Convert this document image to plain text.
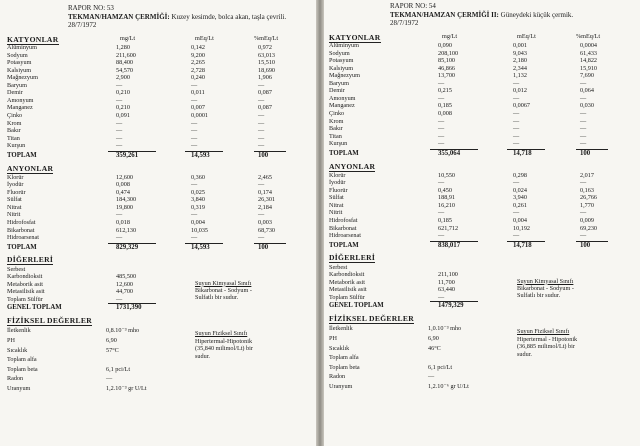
RAPOR NO: 53
TEKMAN/HAMZAN ÇERMİĞİ: Kuzey kesimde, bolca akan, taşla çevrili.
28/7/1972
KATYONLAR	mg/Lt	mEq/Lt	%mEq/Lt
Alüminyum	1,280	0,142	0,972
Sodyum	211,600	9,200	63,013
Potasyum	88,400	2,265	15,510
Kalsiyum	54,570	2,728	18,690
Mağnezyum	2,900	0,240	1,906
Baryum	—	—	—
Demir	0,210	0,011	0,087
Amonyum	—	—	—
Manganez	0,210	0,007	0,087
Çinko	0,091	0,0001	—
Krom	—	—	—
Bakır	—	—	—
Titan	—	—	—
Kurşun	—	—	—
TOPLAM	359,261	14,593	100
ANYONLAR
Klorür	12,600	0,360	2,465
İyodür	0,008	—	—
Fluorür	0,474	0,025	0,174
Sülfat	184,300	3,840	26,301
Nitrat	19,800	0,319	2,184
Nitrit	—	—	—
Hidrofosfat	0,018	0,004	0,003
Bikarbonat	612,130	10,035	68,730
Hidroarsenat	—	—	—
TOPLAM	829,329	14,593	100
DİĞERLERİ
Serbest
Karbondioksit	485,500
Metaborik asit	12,600
Metasilisik asit	44,700
Toplam Sülfür	—
GENEL TOPLAM	1731,390
Suyun Kimyasal Sınıfı
Bikarbonat - Sodyum -
Sulfatlı bir sudur.
FİZİKSEL DEĞERLER
Suyun Fiziksel Sınıfı
Hipertermal-Hipotonik
(35,840 milimol/Lt) bir
sudur.
İletkenlik	0,8.10⁻³ mho
PH	6,90
Sıcaklık	57°C
Toplam alfa
Toplam beta	6,1 pci/Lt
Radon	—
Uranyum	1,2.10⁻³ gr U/Lt
RAPOR NO: 54
TEKMAN/HAMZAN ÇERMİĞİ II: Güneydeki küçük çermik.
28/7/1972
KATYONLAR	mg/Lt	mEq/Lt	%mEq/Lt
Alüminyum	0,090	0,001	0,0004
Sodyum	208,100	9,043	61,433
Potasyum	85,100	2,180	14,822
Kalsiyum	46,866	2,344	15,910
Mağnezyum	13,700	1,132	7,690
Baryum	—	—	—
Demir	0,215	0,012	0,064
Amonyum	—	—	—
Manganez	0,185	0,0067	0,030
Çinko	0,008	—	—
Krom	—	—	—
Bakır	—	—	—
Titan	—	—	—
Kurşun	—	—	—
TOPLAM	355,064	14,718	100
ANYONLAR
Klorür	10,550	0,298	2,017
İyodür	—	—	—
Fluorür	0,450	0,024	0,163
Sülfat	188,91	3,940	26,766
Nitrat	16,210	0,261	1,770
Nitrit	—	—	—
Hidrofosfat	0,185	0,004	0,009
Bikarbonat	621,712	10,192	69,230
Hidroarsenat	—	—	—
TOPLAM	838,017	14,718	100
DİĞERLERİ
Serbest
Karbondioksit	211,100
Metaborik asit	11,700
Metasilisik asit	63,440
Toplam Sülfür	—
GENEL TOPLAM	1479,329
Suyun Kimyasal Sınıfı
Bikarbonat - Sodyum -
Sulfatlı bir sudur.
FİZİKSEL DEĞERLER
Suyun Fiziksel Sınıfı
Hipertermal - Hipotonik
(36,885 milimol/Lt) bir
sudur.
İletkenlik	1,0.10⁻³ mho
PH	6,90
Sıcaklık	46°C
Toplam alfa
Toplam beta	6,1 pci/Lt
Radon	—
Uranyum	1,2.10⁻⁶ gr U/Lt
